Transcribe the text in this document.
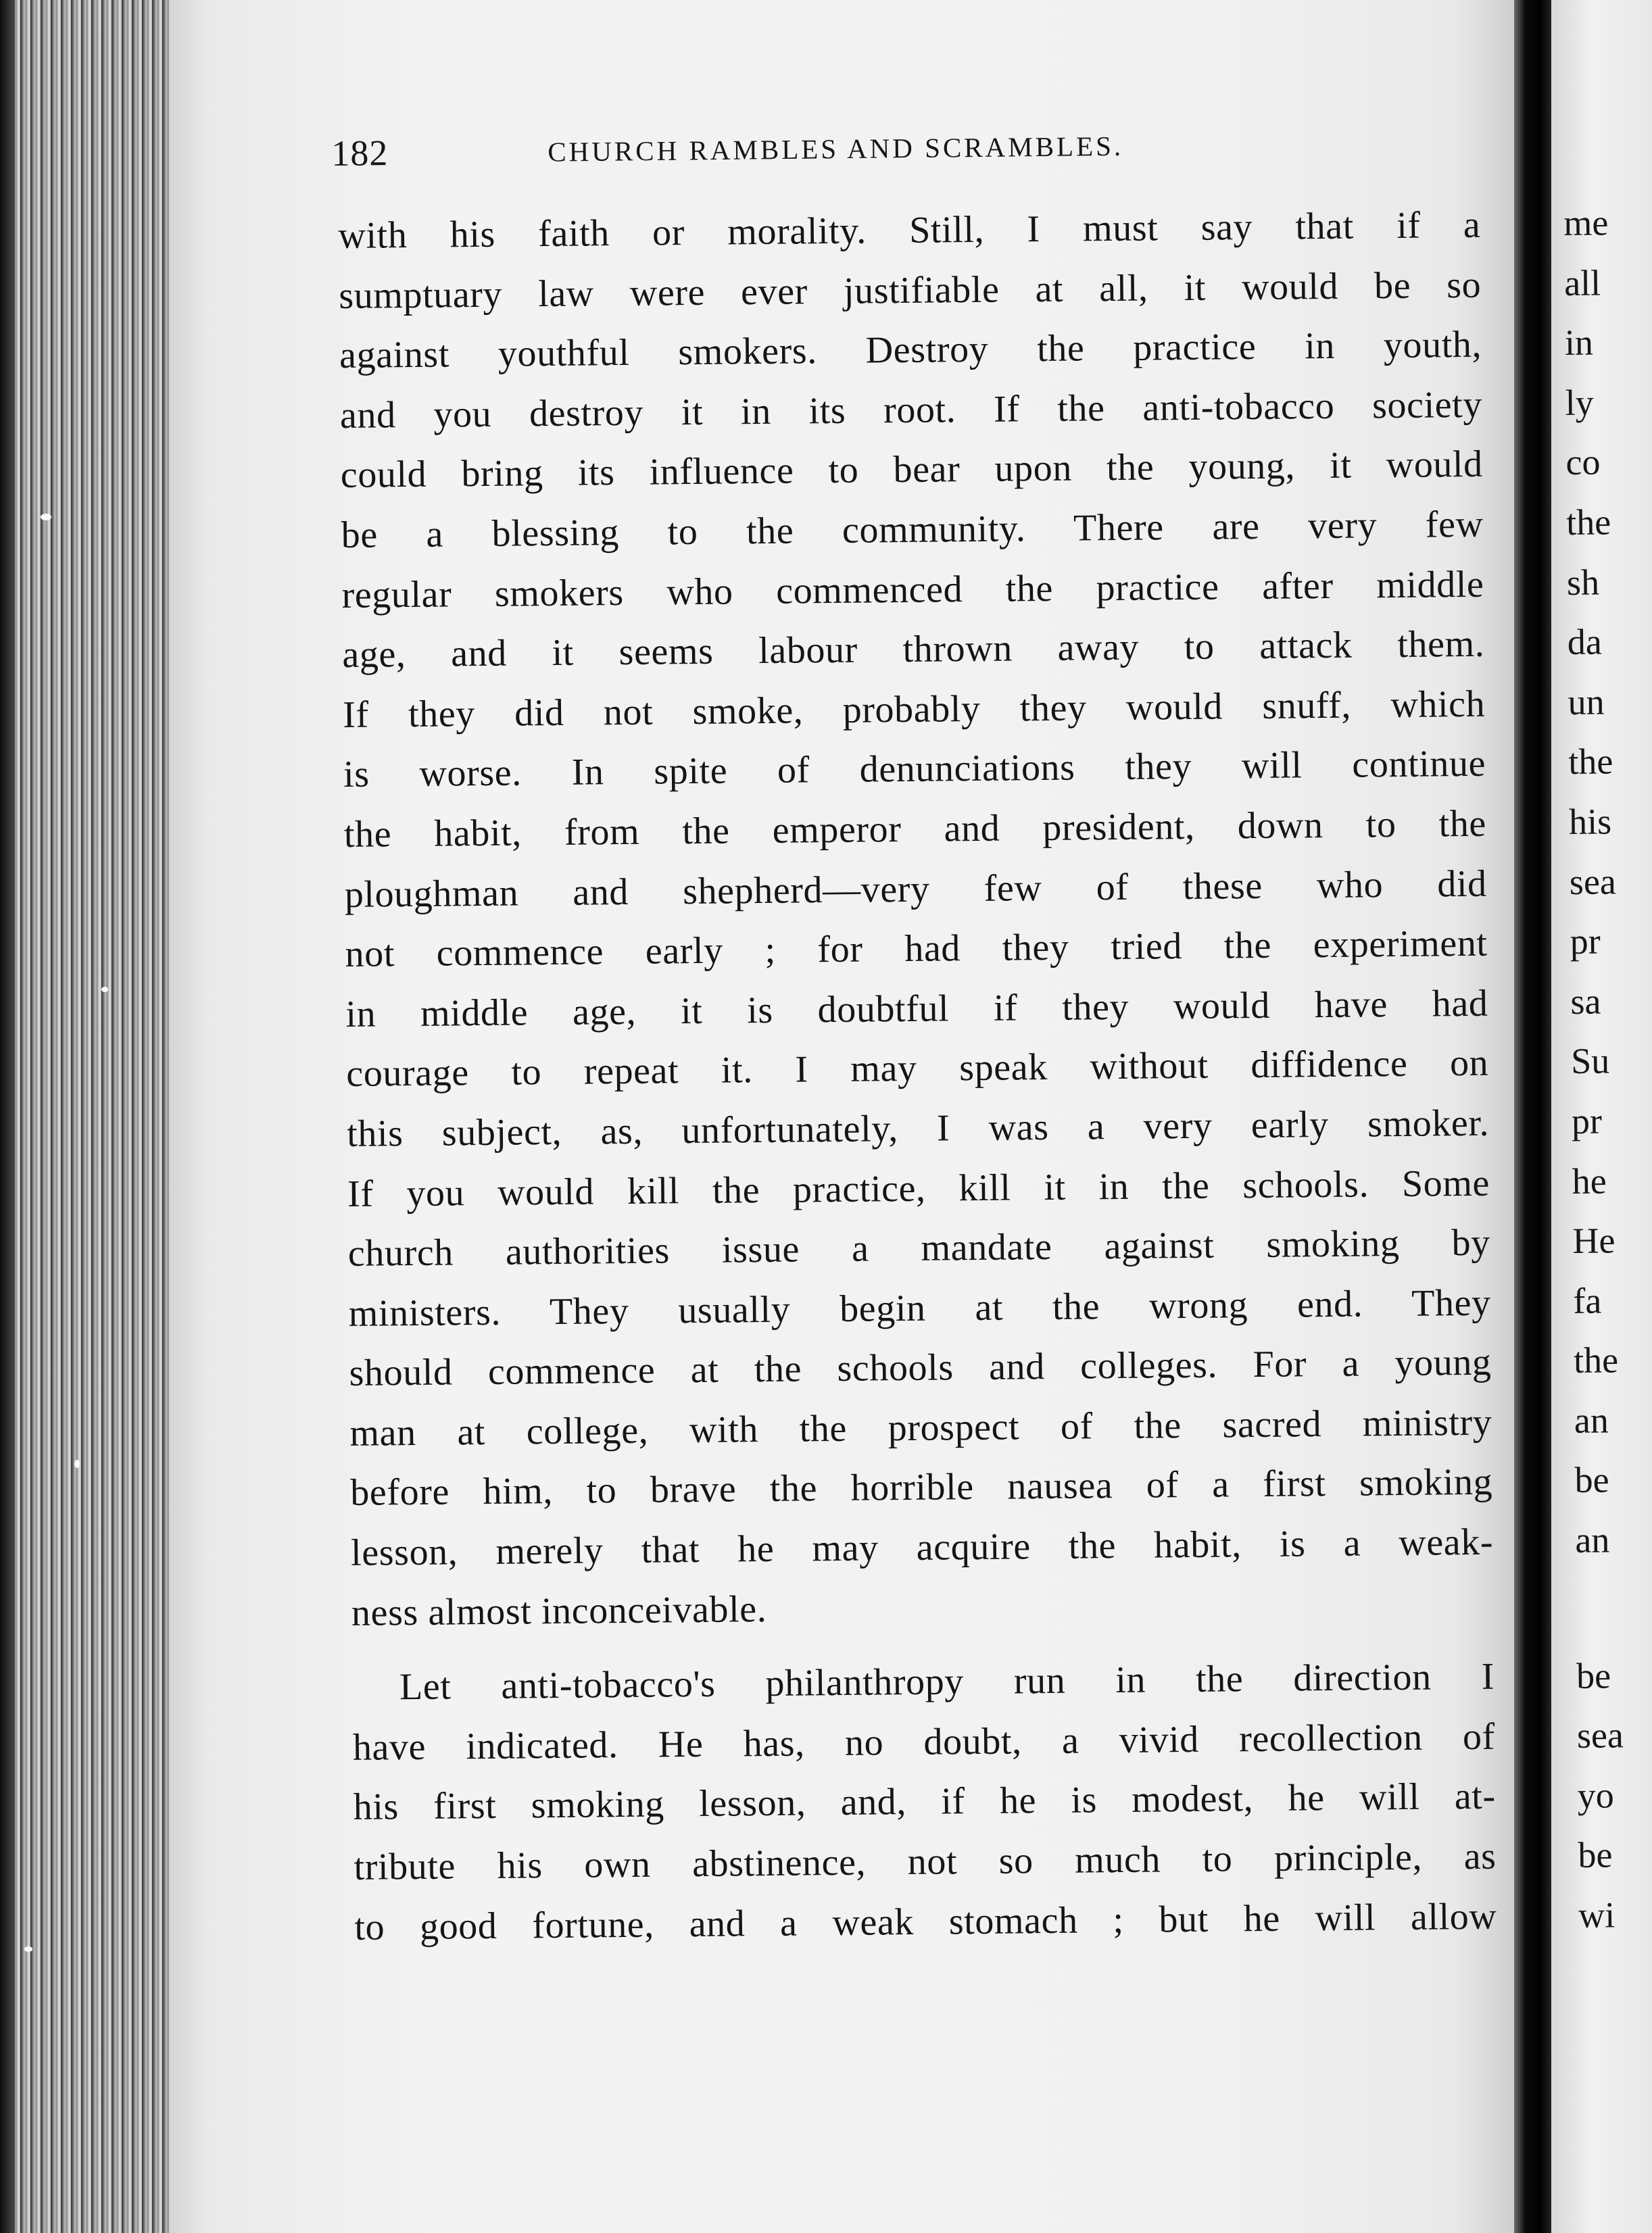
182	CHURCH RAMBLES AND SCRAMBLES.
with his faith or morality. Still, I must say that if a
sumptuary law were ever justifiable at all, it would be so
against youthful smokers. Destroy the practice in youth,
and you destroy it in its root. If the anti-tobacco society
could bring its influence to bear upon the young, it would
be a blessing to the community. There are very few
regular smokers who commenced the practice after middle
age, and it seems labour thrown away to attack them.
If they did not smoke, probably they would snuff, which
is worse. In spite of denunciations they will continue
the habit, from the emperor and president, down to the
ploughman and shepherd—very few of these who did
not commence early ; for had they tried the experiment
in middle age, it is doubtful if they would have had
courage to repeat it. I may speak without diffidence on
this subject, as, unfortunately, I was a very early smoker.
If you would kill the practice, kill it in the schools. Some
church authorities issue a mandate against smoking by
ministers. They usually begin at the wrong end. They
should commence at the schools and colleges. For a young
man at college, with the prospect of the sacred ministry
before him, to brave the horrible nausea of a first smoking
lesson, merely that he may acquire the habit, is a weak-
ness almost inconceivable.
Let anti-tobacco's philanthropy run in the direction I
have indicated. He has, no doubt, a vivid recollection of
his first smoking lesson, and, if he is modest, he will at-
tribute his own abstinence, not so much to principle, as
to good fortune, and a weak stomach ; but he will allow
me
all
in
ly
co
the
sh
da
un
the
his
sea
pr
sa
Su
pr
he
He
fa
the
an
be
an
be
sea
yo
be
wi
